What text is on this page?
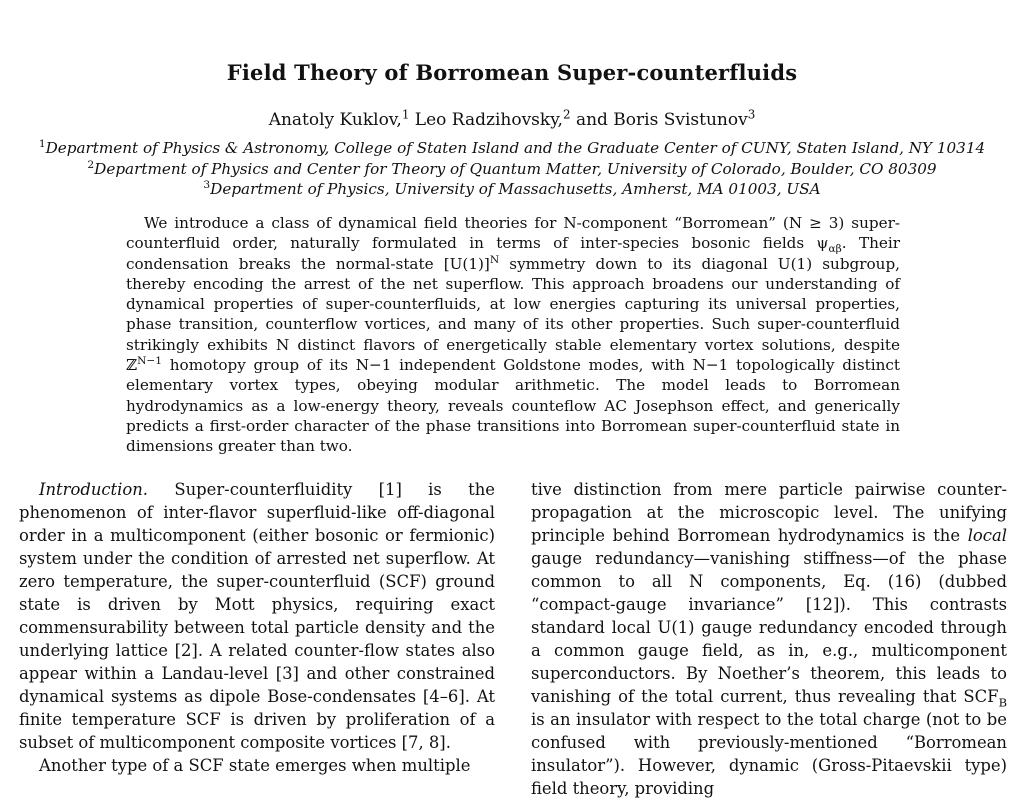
Field Theory of Borromean Super-counterfluids
Anatoly Kuklov,$^1$ Leo Radzihovsky,$^2$ and Boris Svistunov$^3$
$^1$Department of Physics & Astronomy, College of Staten Island and the Graduate Center of CUNY, Staten Island, NY 10314
$^2$Department of Physics and Center for Theory of Quantum Matter, University of Colorado, Boulder, CO 80309
$^3$Department of Physics, University of Massachusetts, Amherst, MA 01003, USA
We introduce a class of dynamical field theories for N-component “Borromean” (N ≥ 3) super-counterfluid order, naturally formulated in terms of inter-species bosonic fields $\psi_{\alpha\beta}$. Their condensation breaks the normal-state $[U(1)]^N$ symmetry down to its diagonal U(1) subgroup, thereby encoding the arrest of the net superflow. This approach broadens our understanding of dynamical properties of super-counterfluids, at low energies capturing its universal properties, phase transition, counterflow vortices, and many of its other properties. Such super-counterfluid strikingly exhibits N distinct flavors of energetically stable elementary vortex solutions, despite ℤ$^{N-1}$ homotopy group of its N−1 independent Goldstone modes, with N−1 topologically distinct elementary vortex types, obeying modular arithmetic. The model leads to Borromean hydrodynamics as a low-energy theory, reveals counteflow AC Josephson effect, and generically predicts a first-order character of the phase transitions into Borromean super-counterfluid state in dimensions greater than two.

Introduction. Super-counterfluidity [1] is the phenomenon of inter-flavor superfluid-like off-diagonal order in a multicomponent (either bosonic or fermionic) system under the condition of arrested net superflow. At zero temperature, the super-counterfluid (SCF) ground state is driven by Mott physics, requiring exact commensurability between total particle density and the underlying lattice [2]. A related counter-flow states also appear within a Landau-level [3] and other constrained dynamical systems as dipole Bose-condensates [4–6]. At finite temperature SCF is driven by proliferation of a subset of multicomponent composite vortices [7, 8].

Another type of a SCF state emerges when multiple

tive distinction from mere particle pairwise counter-propagation at the microscopic level. The unifying principle behind Borromean hydrodynamics is the local gauge redundancy—vanishing stiffness—of the phase common to all N components, Eq. (16) (dubbed “compact-gauge invariance” [12]). This contrasts standard local U(1) gauge redundancy encoded through a common gauge field, as in, e.g., multicomponent superconductors. By Noether’s theorem, this leads to vanishing of the total current, thus revealing that $SCF_B$ is an insulator with respect to the total charge (not to be confused with previously-mentioned “Borromean insulator”). However, dynamic (Gross-Pitaevskii type) field theory, providing
